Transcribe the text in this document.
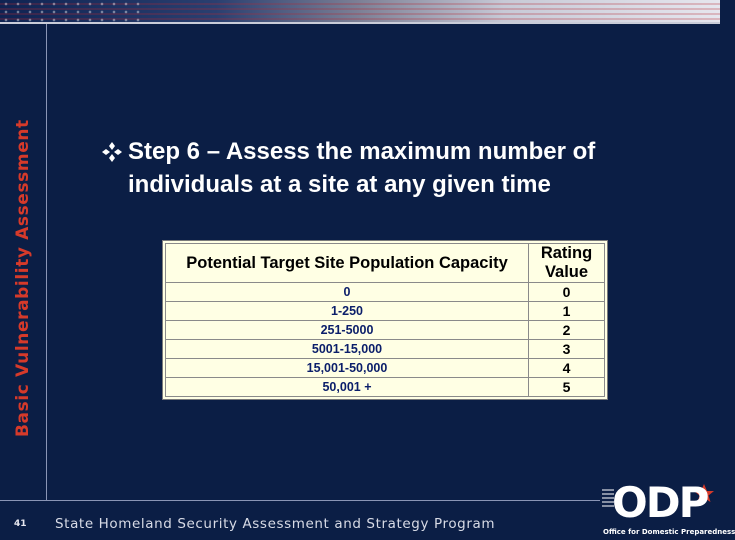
Basic Vulnerability Assessment	Step 6 – Assess the maximum number of individuals at a site at any given time
Potential Target Site Population Capacity	Rating Value
0	0
1-250	1
251-5000	2
5001-15,000	3
15,001-50,000	4
50,001 +	5
41 State Homeland Security Assessment and Strategy Program	ODP
Office for Domestic Preparedness
